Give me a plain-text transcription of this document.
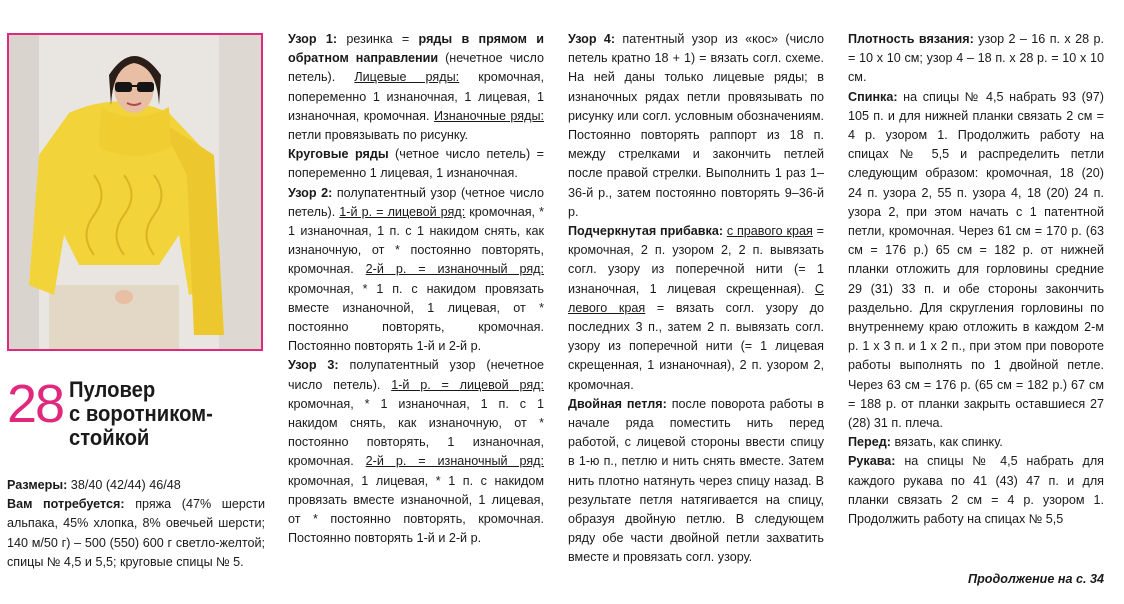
28 Пуловер
с воротником-
стойкой

Размеры: 38/40 (42/44) 46/48

Вам потребуется: пряжа (47% шерсти альпака, 45% хлопка, 8% овечьей шерсти; 140 м/50 г) – 500 (550) 600 г светло-желтой; спицы № 4,5 и 5,5; круговые спицы № 5.

Узор 1: резинка = ряды в прямом и обратном направлении (нечетное число петель). Лицевые ряды: кромочная, попеременно 1 изнаночная, 1 лицевая, 1 изнаночная, кромочная. Изнаночные ряды: петли провязывать по рисунку.

Круговые ряды (четное число петель) = попеременно 1 лицевая, 1 изнаночная.

Узор 2: полупатентный узор (четное число петель). 1-й р. = лицевой ряд: кромочная, * 1 изнаночная, 1 п. с 1 накидом снять, как изнаночную, от * постоянно повторять, кромочная. 2-й р. = изнаночный ряд: кромочная, * 1 п. с накидом провязать вместе изнаночной, 1 лицевая, от * постоянно повторять, кромочная. Постоянно повторять 1-й и 2-й р.

Узор 3: полупатентный узор (нечетное число петель). 1-й р. = лицевой ряд: кромочная, * 1 изнаночная, 1 п. с 1 накидом снять, как изнаночную, от * постоянно повторять, 1 изнаночная, кромочная. 2-й р. = изнаночный ряд: кромочная, 1 лицевая, * 1 п. с накидом провязать вместе изнаночной, 1 лицевая, от * постоянно повторять, кромочная. Постоянно повторять 1-й и 2-й р.

Узор 4: патентный узор из «кос» (число петель кратно 18 + 1) = вязать согл. схеме. На ней даны только лицевые ряды; в изнаночных рядах петли провязывать по рисунку или согл. условным обозначениям. Постоянно повторять раппорт из 18 п. между стрелками и закончить петлей после правой стрелки. Выполнить 1 раз 1–36-й р., затем постоянно повторять 9–36-й р.

Подчеркнутая прибавка: с правого края = кромочная, 2 п. узором 2, 2 п. вывязать согл. узору из поперечной нити (= 1 изнаночная, 1 лицевая скрещенная). С левого края = вязать согл. узору до последних 3 п., затем 2 п. вывязать согл. узору из поперечной нити (= 1 лицевая скрещенная, 1 изнаночная), 2 п. узором 2, кромочная.

Двойная петля: после поворота работы в начале ряда поместить нить перед работой, с лицевой стороны ввести спицу в 1-ю п., петлю и нить снять вместе. Затем нить плотно натянуть через спицу назад. В результате петля натягивается на спицу, образуя двойную петлю. В следующем ряду обе части двойной петли захватить вместе и провязать согл. узору.

Плотность вязания: узор 2 – 16 п. х 28 р. = 10 х 10 см; узор 4 – 18 п. х 28 р. = 10 х 10 см.

Спинка: на спицы № 4,5 набрать 93 (97) 105 п. и для нижней планки связать 2 см = 4 р. узором 1. Продолжить работу на спицах № 5,5 и распределить петли следующим образом: кромочная, 18 (20) 24 п. узора 2, 55 п. узора 4, 18 (20) 24 п. узора 2, при этом начать с 1 патентной петли, кромочная. Через 61 см = 170 р. (63 см = 176 р.) 65 см = 182 р. от нижней планки отложить для горловины средние 29 (31) 33 п. и обе стороны закончить раздельно. Для скругления горловины по внутреннему краю отложить в каждом 2-м р. 1 х 3 п. и 1 х 2 п., при этом при повороте работы выполнять по 1 двойной петле. Через 63 см = 176 р. (65 см = 182 р.) 67 см = 188 р. от планки закрыть оставшиеся 27 (28) 31 п. плеча.

Перед: вязать, как спинку.

Рукава: на спицы № 4,5 набрать для каждого рукава по 41 (43) 47 п. и для планки связать 2 см = 4 р. узором 1. Продолжить работу на спицах № 5,5

Продолжение на с. 34
